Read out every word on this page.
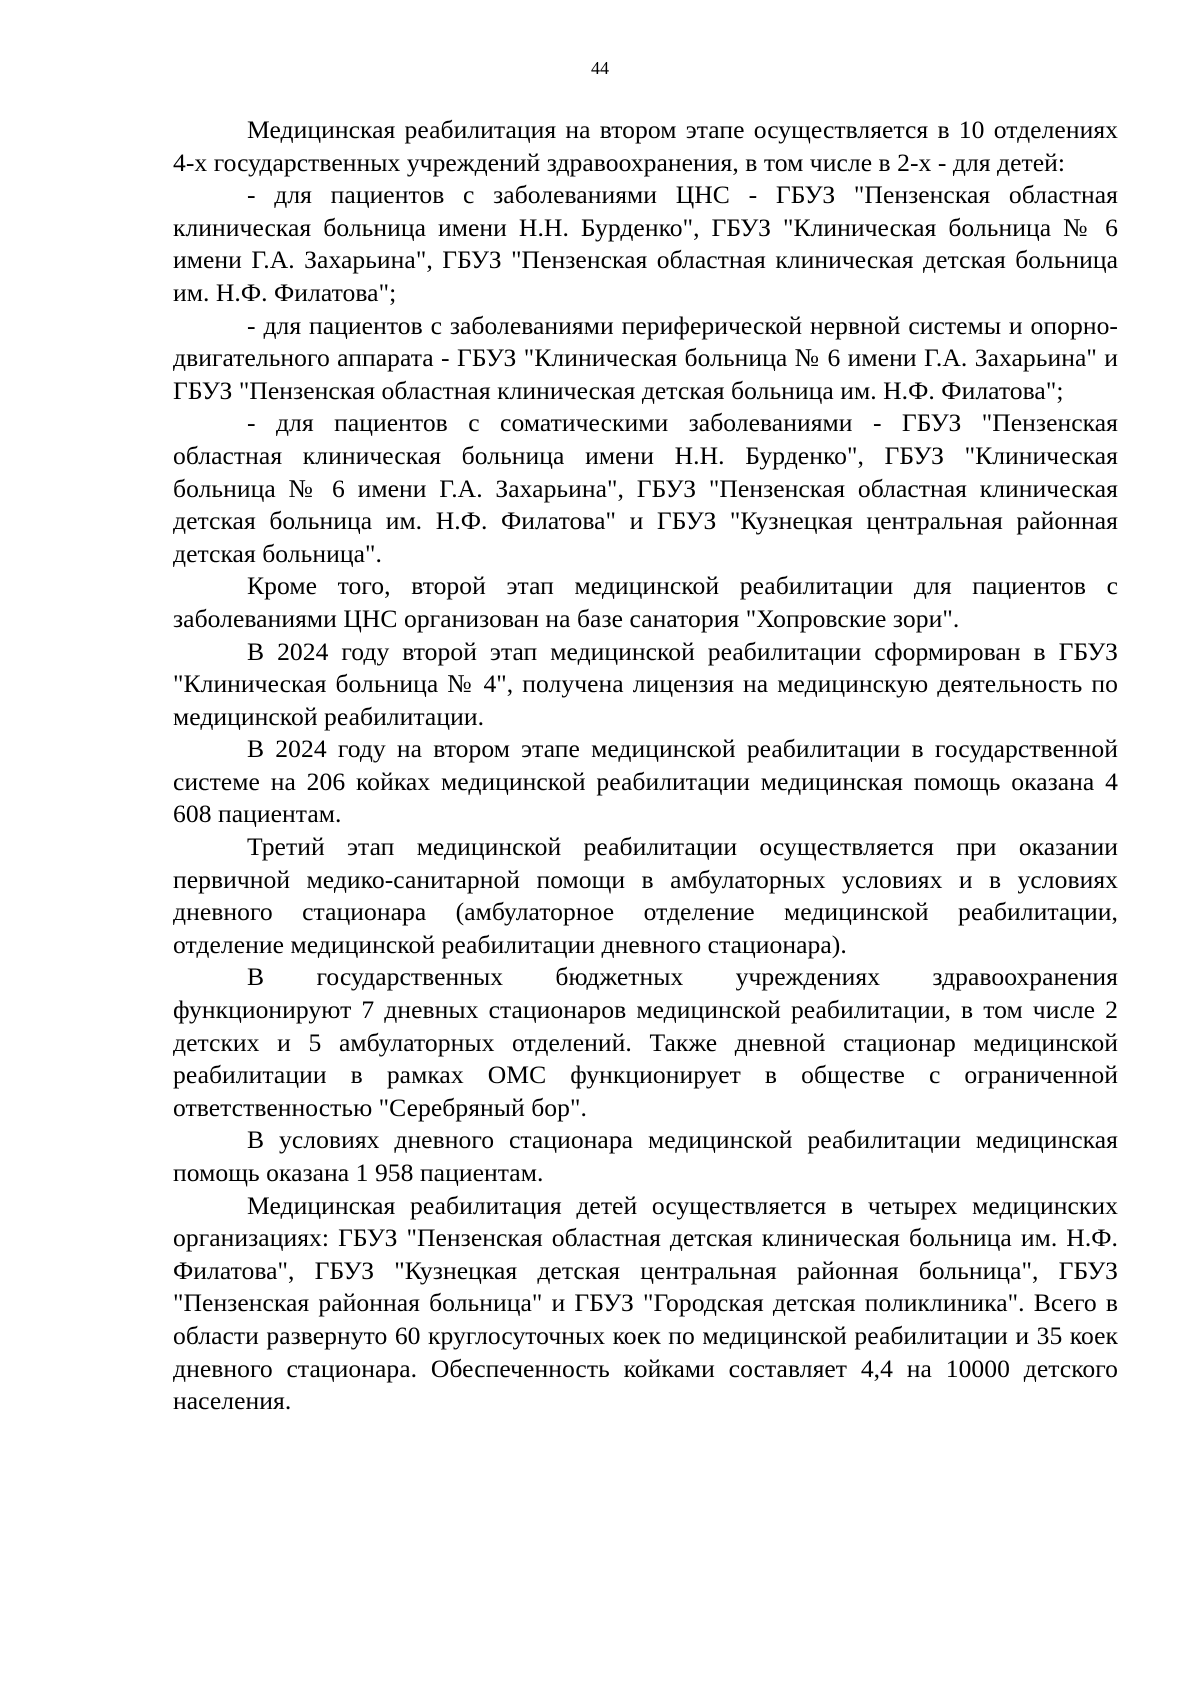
44

Медицинская реабилитация на втором этапе осуществляется в 10 отделениях 4-х государственных учреждений здравоохранения, в том числе в 2-х - для детей:

- для пациентов с заболеваниями ЦНС - ГБУЗ "Пензенская областная клиническая больница имени Н.Н. Бурденко", ГБУЗ "Клиническая больница № 6 имени Г.А. Захарьина", ГБУЗ "Пензенская областная клиническая детская больница им. Н.Ф. Филатова";

- для пациентов с заболеваниями периферической нервной системы и опорно-двигательного аппарата - ГБУЗ "Клиническая больница № 6 имени Г.А. Захарьина" и ГБУЗ "Пензенская областная клиническая детская больница им. Н.Ф. Филатова";

- для пациентов с соматическими заболеваниями - ГБУЗ "Пензенская областная клиническая больница имени Н.Н. Бурденко", ГБУЗ "Клиническая больница № 6 имени Г.А. Захарьина", ГБУЗ "Пензенская областная клиническая детская больница им. Н.Ф. Филатова" и ГБУЗ "Кузнецкая центральная районная детская больница".

Кроме того, второй этап медицинской реабилитации для пациентов с заболеваниями ЦНС организован на базе санатория "Хопровские зори".

В 2024 году второй этап медицинской реабилитации сформирован в ГБУЗ "Клиническая больница № 4", получена лицензия на медицинскую деятельность по медицинской реабилитации.

В 2024 году на втором этапе медицинской реабилитации в государственной системе на 206 койках медицинской реабилитации медицинская помощь оказана 4 608 пациентам.

Третий этап медицинской реабилитации осуществляется при оказании первичной медико-санитарной помощи в амбулаторных условиях и в условиях дневного стационара (амбулаторное отделение медицинской реабилитации, отделение медицинской реабилитации дневного стационара).

В государственных бюджетных учреждениях здравоохранения функционируют 7 дневных стационаров медицинской реабилитации, в том числе 2 детских и 5 амбулаторных отделений. Также дневной стационар медицинской реабилитации в рамках ОМС функционирует в обществе с ограниченной ответственностью "Серебряный бор".

В условиях дневного стационара медицинской реабилитации медицинская помощь оказана 1 958 пациентам.

Медицинская реабилитация детей осуществляется в четырех медицинских организациях: ГБУЗ "Пензенская областная детская клиническая больница им. Н.Ф. Филатова", ГБУЗ "Кузнецкая детская центральная районная больница", ГБУЗ "Пензенская районная больница" и ГБУЗ "Городская детская поликлиника". Всего в области развернуто 60 круглосуточных коек по медицинской реабилитации и 35 коек дневного стационара. Обеспеченность койками составляет 4,4 на 10000 детского населения.
